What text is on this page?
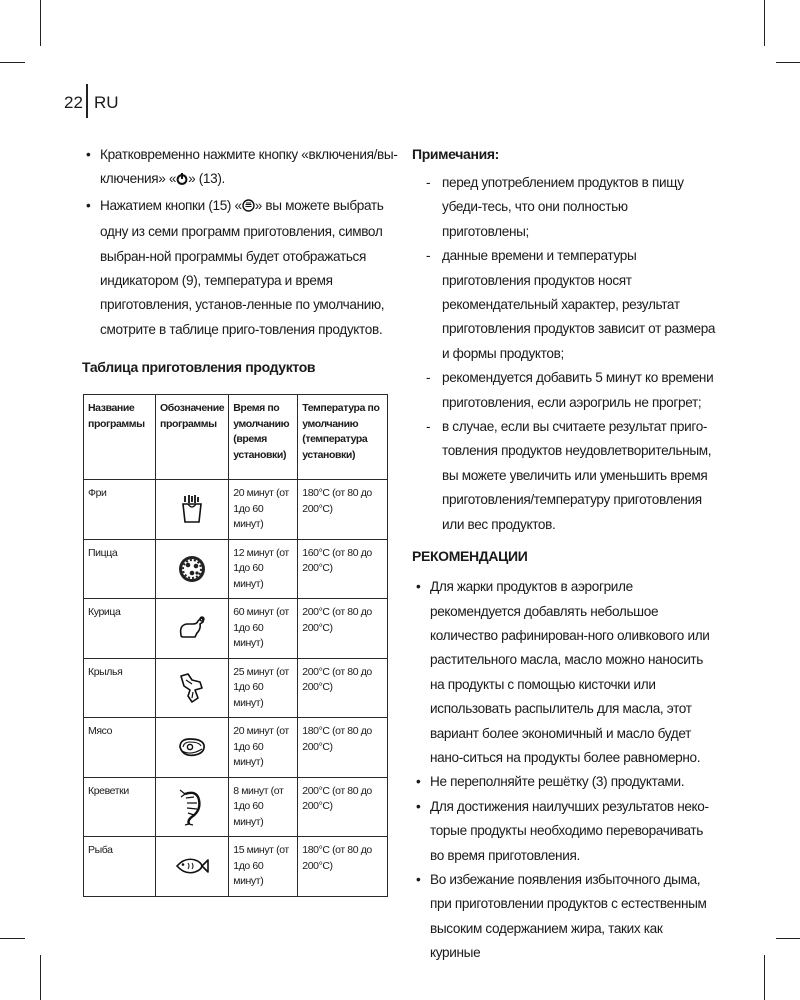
22 RU
• Кратковременно нажмите кнопку «включения/вы-ключения» « » (13).
• Нажатием кнопки (15) « » вы можете выбрать одну из семи программ приготовления, символ выбран-ной программы будет отображаться индикатором (9), температура и время приготовления, установ-ленные по умолчанию, смотрите в таблице приго-товления продуктов.
Таблица приготовления продуктов
Название программы	Обозначение программы	Время по умолчанию (время установки)	Температура по умолчанию (температура установки)
Фри		20 минут (от 1до 60 минут)	180°С (от 80 до 200°С)
Пицца		12 минут (от 1до 60 минут)	160°С (от 80 до 200°С)
Курица		60 минут (от 1до 60 минут)	200°С (от 80 до 200°С)
Крылья		25 минут (от 1до 60 минут)	200°С (от 80 до 200°С)
Мясо		20 минут (от 1до 60 минут)	180°С (от 80 до 200°С)
Креветки		8 минут (от 1до 60 минут)	200°С (от 80 до 200°С)
Рыба		15 минут (от 1до 60 минут)	180°С (от 80 до 200°С)
Примечания:
- перед употреблением продуктов в пищу убеди-тесь, что они полностью приготовлены;
- данные времени и температуры приготовления продуктов носят рекомендательный характер, результат приготовления продуктов зависит от размера и формы продуктов;
- рекомендуется добавить 5 минут ко времени приготовления, если аэрогриль не прогрет;
- в случае, если вы считаете результат приго-товления продуктов неудовлетворительным, вы можете увеличить или уменьшить время приготовления/температуру приготовления или вес продуктов.
РЕКОМЕНДАЦИИ
• Для жарки продуктов в аэрогриле рекомендуется добавлять небольшое количество рафинирован-ного оливкового или растительного масла, масло можно наносить на продукты с помощью кисточки или использовать распылитель для масла, этот вариант более экономичный и масло будет нано-ситься на продукты более равномерно.
• Не переполняйте решётку (3) продуктами.
• Для достижения наилучших результатов неко-торые продукты необходимо переворачивать во время приготовления.
• Во избежание появления избыточного дыма, при приготовлении продуктов с естественным высоким содержанием жира, таких как куриные
